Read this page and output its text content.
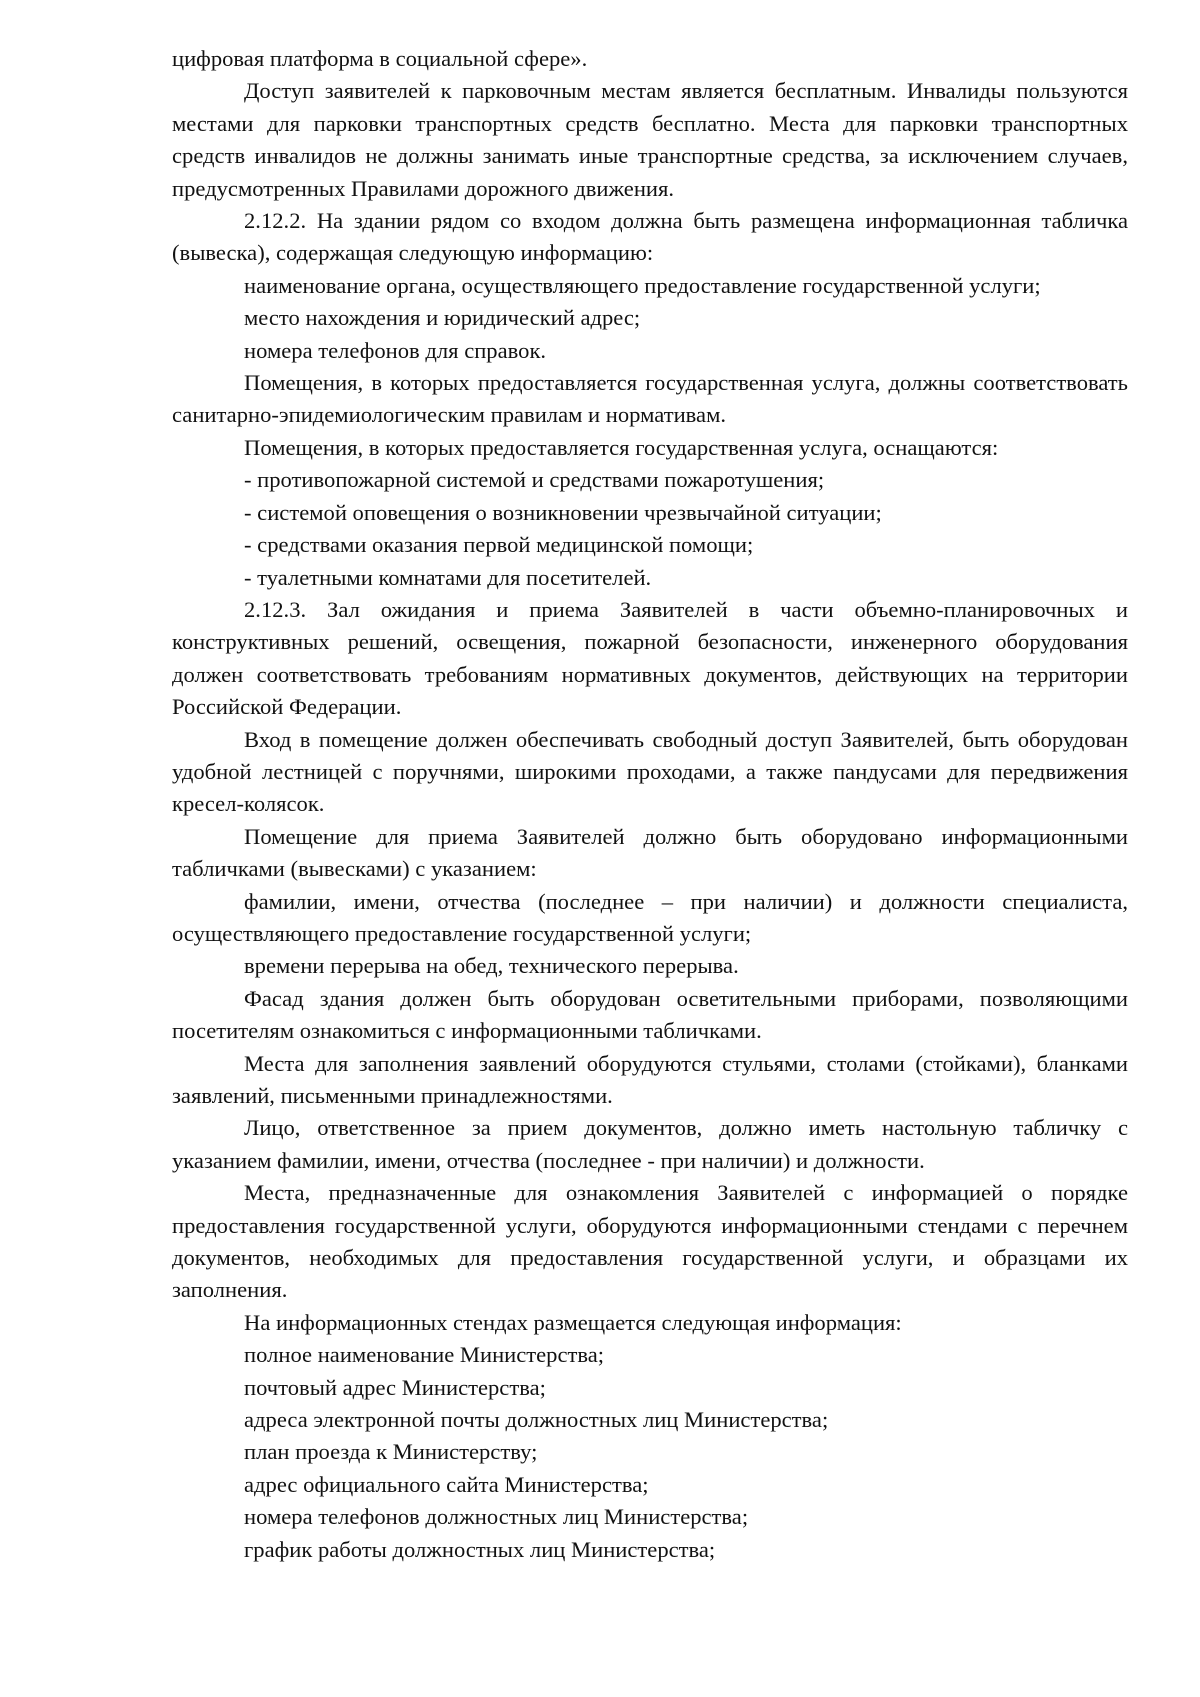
цифровая платформа в социальной сфере».

Доступ заявителей к парковочным местам является бесплатным. Инвалиды пользуются местами для парковки транспортных средств бесплатно. Места для парковки транспортных средств инвалидов не должны занимать иные транспортные средства, за исключением случаев, предусмотренных Правилами дорожного движения.

2.12.2. На здании рядом со входом должна быть размещена информационная табличка (вывеска), содержащая следующую информацию:

наименование органа, осуществляющего предоставление государственной услуги;

место нахождения и юридический адрес;

номера телефонов для справок.

Помещения, в которых предоставляется государственная услуга, должны соответствовать санитарно-эпидемиологическим правилам и нормативам.

Помещения, в которых предоставляется государственная услуга, оснащаются:

- противопожарной системой и средствами пожаротушения;

- системой оповещения о возникновении чрезвычайной ситуации;

- средствами оказания первой медицинской помощи;

- туалетными комнатами для посетителей.

2.12.3. Зал ожидания и приема Заявителей в части объемно-планировочных и конструктивных решений, освещения, пожарной безопасности, инженерного оборудования должен соответствовать требованиям нормативных документов, действующих на территории Российской Федерации.

Вход в помещение должен обеспечивать свободный доступ Заявителей, быть оборудован удобной лестницей с поручнями, широкими проходами, а также пандусами для передвижения кресел-колясок.

Помещение для приема Заявителей должно быть оборудовано информационными табличками (вывесками) с указанием:

фамилии, имени, отчества (последнее – при наличии) и должности специалиста, осуществляющего предоставление государственной услуги;

времени перерыва на обед, технического перерыва.

Фасад здания должен быть оборудован осветительными приборами, позволяющими посетителям ознакомиться с информационными табличками.

Места для заполнения заявлений оборудуются стульями, столами (стойками), бланками заявлений, письменными принадлежностями.

Лицо, ответственное за прием документов, должно иметь настольную табличку с указанием фамилии, имени, отчества (последнее - при наличии) и должности.

Места, предназначенные для ознакомления Заявителей с информацией о порядке предоставления государственной услуги, оборудуются информационными стендами с перечнем документов, необходимых для предоставления государственной услуги, и образцами их заполнения.

На информационных стендах размещается следующая информация:

полное наименование Министерства;

почтовый адрес Министерства;

адреса электронной почты должностных лиц Министерства;

план проезда к Министерству;

адрес официального сайта Министерства;

номера телефонов должностных лиц Министерства;

график работы должностных лиц Министерства;
